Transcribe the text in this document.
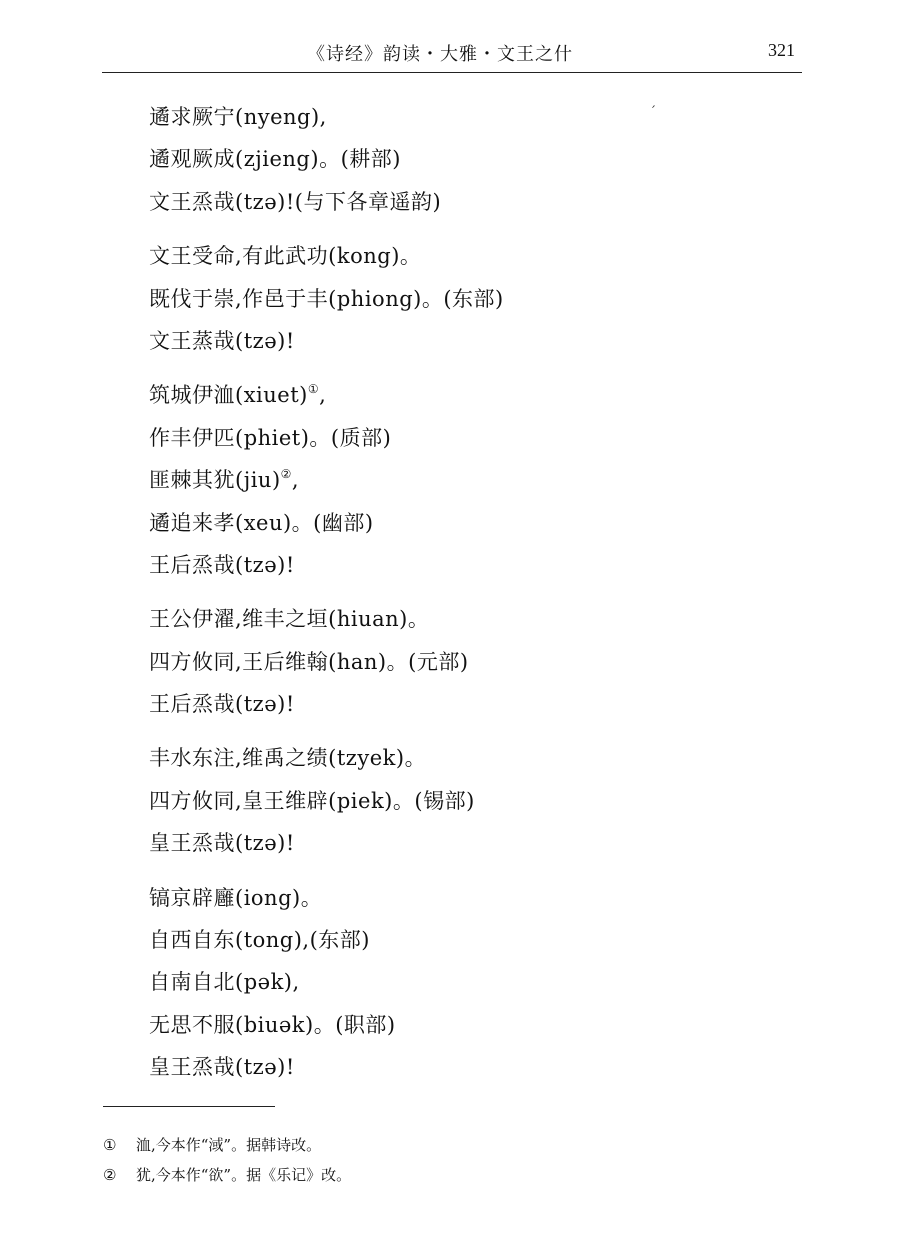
《诗经》韵读・大雅・文王之什	321
′
遹求厥宁(nyeng),
遹观厥成(zjieng)。(耕部)
文王烝哉(tzə)!(与下各章遥韵)
文王受命,有此武功(kong)。
既伐于崇,作邑于丰(phiong)。(东部)
文王蒸哉(tzə)!
筑城伊洫(xiuet)①,
作丰伊匹(phiet)。(质部)
匪棘其犹(jiu)②,
遹追来孝(xeu)。(幽部)
王后烝哉(tzə)!
王公伊濯,维丰之垣(hiuan)。
四方攸同,王后维翰(han)。(元部)
王后烝哉(tzə)!
丰水东注,维禹之绩(tzyek)。
四方攸同,皇王维辟(piek)。(锡部)
皇王烝哉(tzə)!
镐京辟廱(iong)。
自西自东(tong),(东部)
自南自北(pək),
无思不服(biuək)。(职部)
皇王烝哉(tzə)!
①	洫,今本作“淢”。据韩诗改。
②	犹,今本作“欲”。据《乐记》改。
